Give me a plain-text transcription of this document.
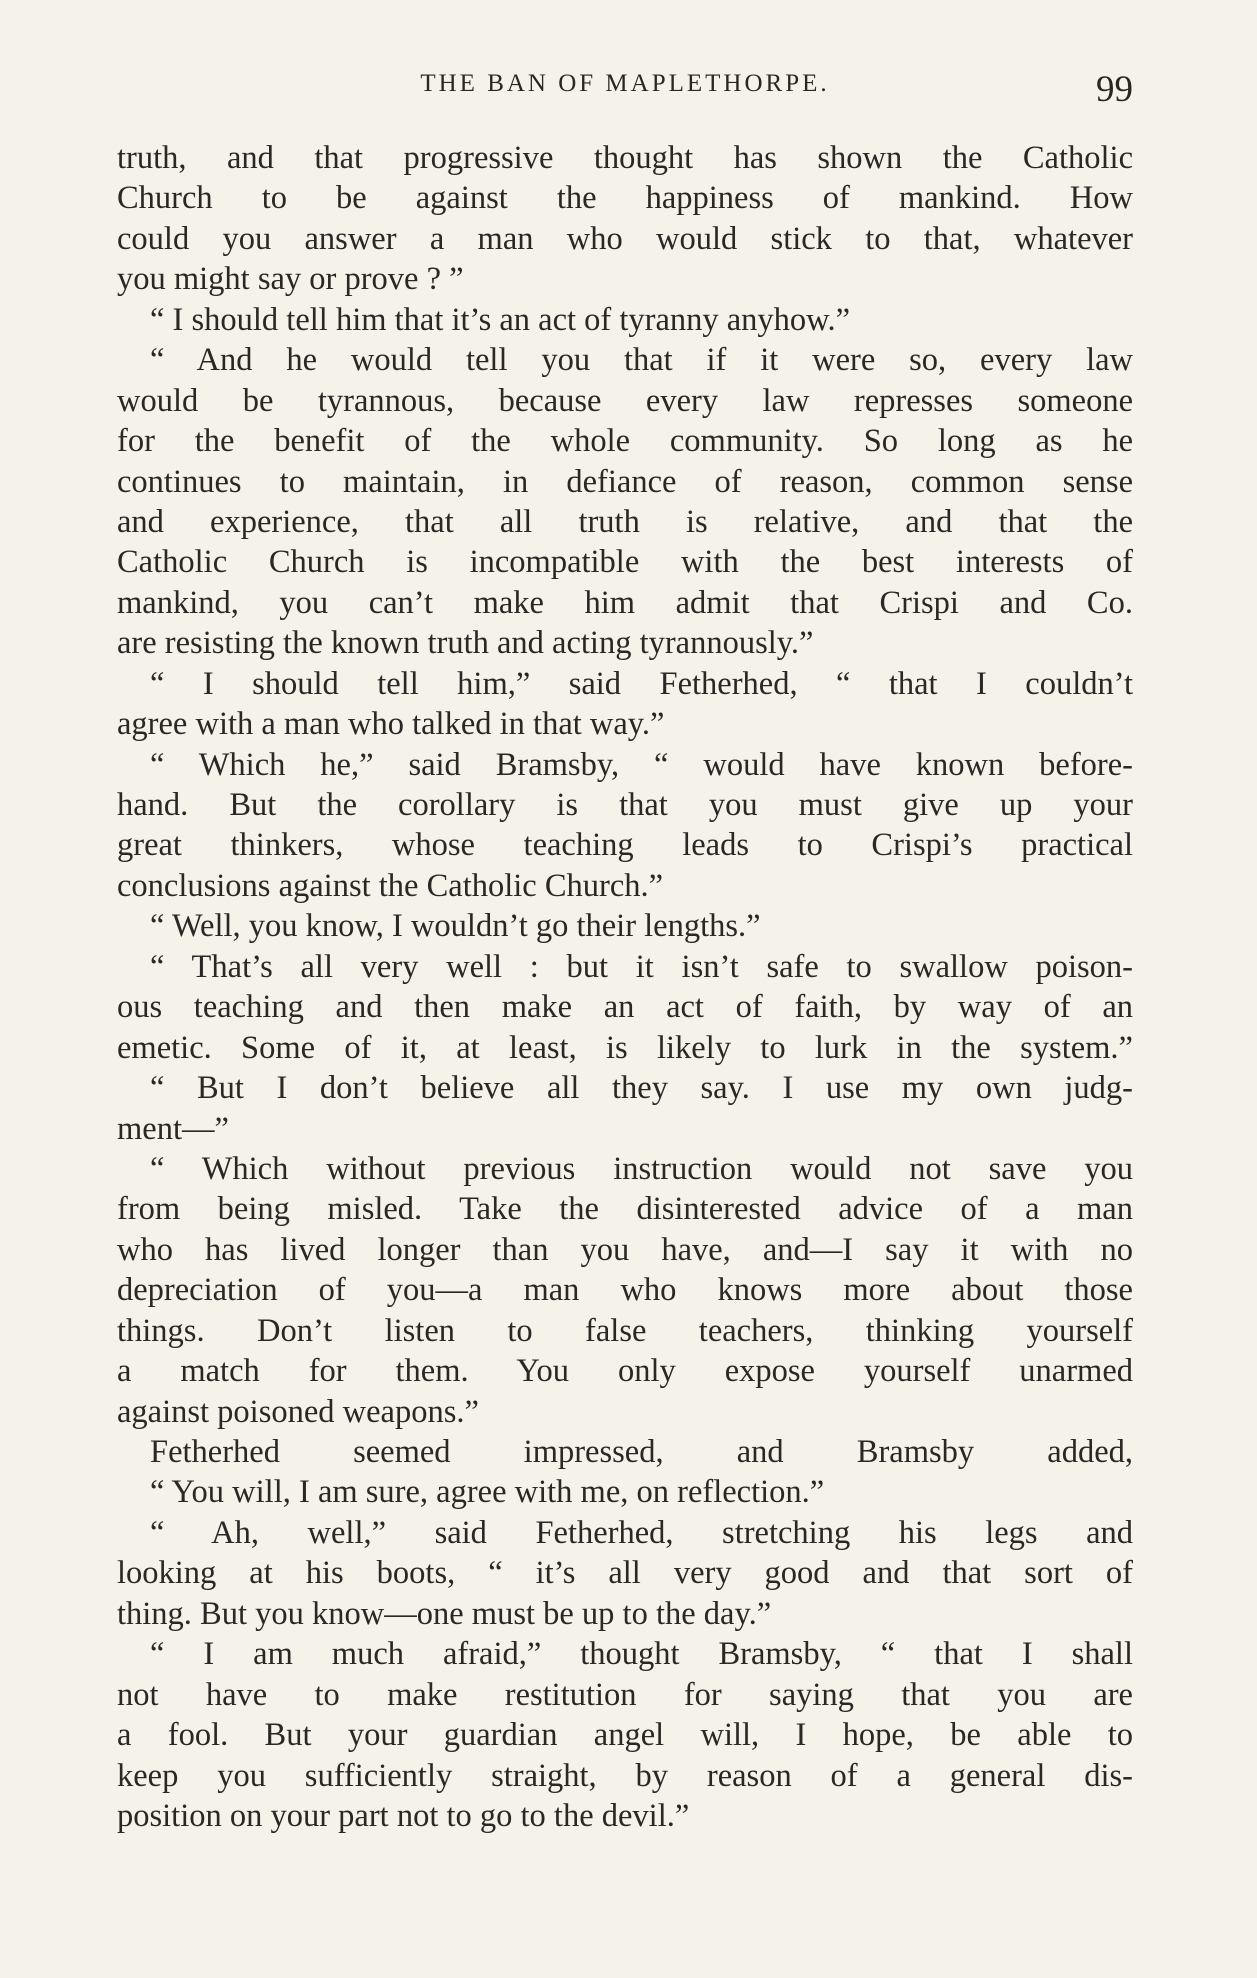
THE BAN OF MAPLETHORPE.	99
truth, and that progressive thought has shown the Catholic
Church to be against the happiness of mankind. How
could you answer a man who would stick to that, whatever
you might say or prove ? ”
“ I should tell him that it’s an act of tyranny anyhow.”
“ And he would tell you that if it were so, every law
would be tyrannous, because every law represses someone
for the benefit of the whole community. So long as he
continues to maintain, in defiance of reason, common sense
and experience, that all truth is relative, and that the
Catholic Church is incompatible with the best interests of
mankind, you can’t make him admit that Crispi and Co.
are resisting the known truth and acting tyrannously.”
“ I should tell him,” said Fetherhed, “ that I couldn’t
agree with a man who talked in that way.”
“ Which he,” said Bramsby, “ would have known before-
hand. But the corollary is that you must give up your
great thinkers, whose teaching leads to Crispi’s practical
conclusions against the Catholic Church.”
“ Well, you know, I wouldn’t go their lengths.”
“ That’s all very well : but it isn’t safe to swallow poison-
ous teaching and then make an act of faith, by way of an
emetic. Some of it, at least, is likely to lurk in the system.”
“ But I don’t believe all they say. I use my own judg-
ment—”
“ Which without previous instruction would not save you
from being misled. Take the disinterested advice of a man
who has lived longer than you have, and—I say it with no
depreciation of you—a man who knows more about those
things. Don’t listen to false teachers, thinking yourself
a match for them. You only expose yourself unarmed
against poisoned weapons.”
Fetherhed seemed impressed, and Bramsby added,
“ You will, I am sure, agree with me, on reflection.”
“ Ah, well,” said Fetherhed, stretching his legs and
looking at his boots, “ it’s all very good and that sort of
thing. But you know—one must be up to the day.”
“ I am much afraid,” thought Bramsby, “ that I shall
not have to make restitution for saying that you are
a fool. But your guardian angel will, I hope, be able to
keep you sufficiently straight, by reason of a general dis-
position on your part not to go to the devil.”
